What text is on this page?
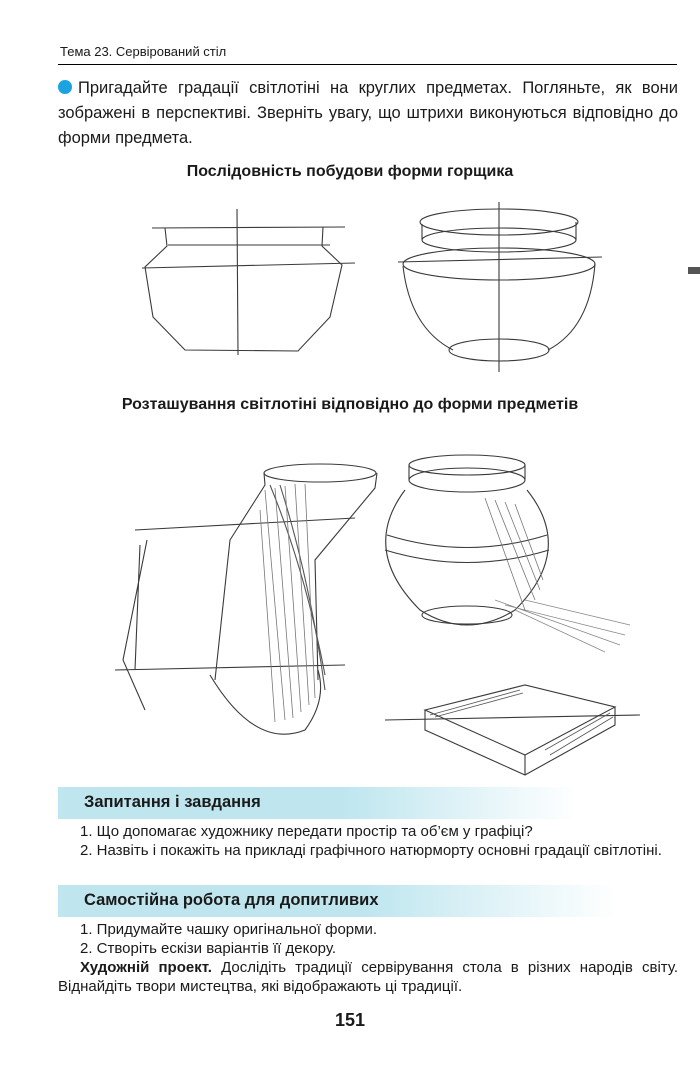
Тема 23. Сервірований стіл
Пригадайте градації світлотіні на круглих предметах. Погляньте, як вони зображені в перспективі. Зверніть увагу, що штрихи виконуються відповідно до форми предмета.
Послідовність побудови форми горщика
Розташування світлотіні відповідно до форми предметів
Запитання і завдання

1. Що допомагає художнику передати простір та об’єм у графіці?

2. Назвіть і покажіть на прикладі графічного натюрморту основні градації світлотіні.

Самостійна робота для допитливих

1. Придумайте чашку оригінальної форми.

2. Створіть ескізи варіантів її декору.

Художній проект. Дослідіть традиції сервірування стола в різних народів світу. Віднайдіть твори мистецтва, які відображають ці традиції.

151
